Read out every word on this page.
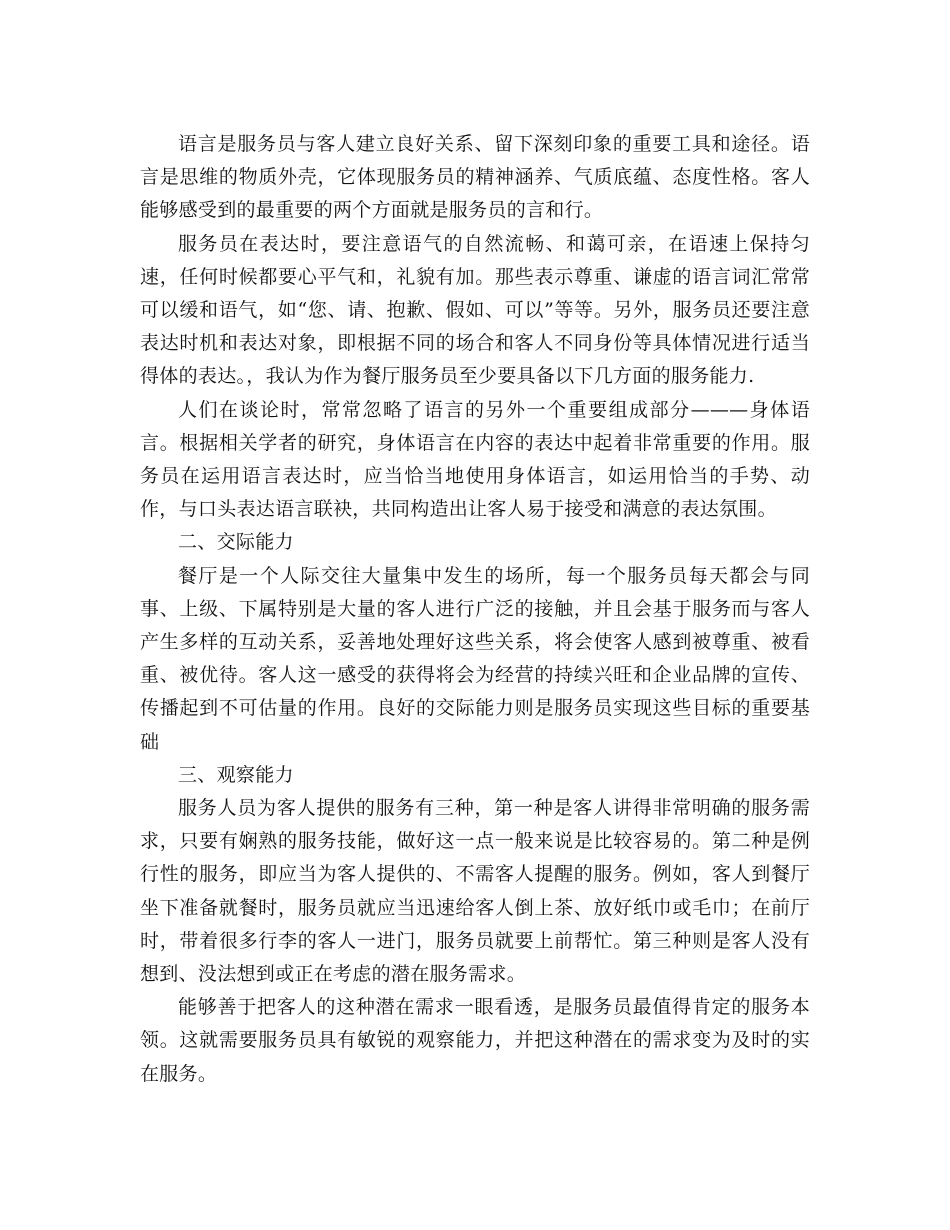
语言是服务员与客人建立良好关系、留下深刻印象的重要工具和途径。语言是思维的物质外壳，它体现服务员的精神涵养、气质底蕴、态度性格。客人能够感受到的最重要的两个方面就是服务员的言和行。

服务员在表达时，要注意语气的自然流畅、和蔼可亲，在语速上保持匀速，任何时候都要心平气和，礼貌有加。那些表示尊重、谦虚的语言词汇常常可以缓和语气，如“您、请、抱歉、假如、可以”等等。另外，服务员还要注意表达时机和表达对象，即根据不同的场合和客人不同身份等具体情况进行适当得体的表达。，我认为作为餐厅服务员至少要具备以下几方面的服务能力.

人们在谈论时，常常忽略了语言的另外一个重要组成部分———身体语言。根据相关学者的研究，身体语言在内容的表达中起着非常重要的作用。服务员在运用语言表达时，应当恰当地使用身体语言，如运用恰当的手势、动作，与口头表达语言联袂，共同构造出让客人易于接受和满意的表达氛围。

二、交际能力

餐厅是一个人际交往大量集中发生的场所，每一个服务员每天都会与同事、上级、下属特别是大量的客人进行广泛的接触，并且会基于服务而与客人产生多样的互动关系，妥善地处理好这些关系，将会使客人感到被尊重、被看重、被优待。客人这一感受的获得将会为经营的持续兴旺和企业品牌的宣传、传播起到不可估量的作用。良好的交际能力则是服务员实现这些目标的重要基础

三、观察能力

服务人员为客人提供的服务有三种，第一种是客人讲得非常明确的服务需求，只要有娴熟的服务技能，做好这一点一般来说是比较容易的。第二种是例行性的服务，即应当为客人提供的、不需客人提醒的服务。例如，客人到餐厅坐下准备就餐时，服务员就应当迅速给客人倒上茶、放好纸巾或毛巾；在前厅时，带着很多行李的客人一进门，服务员就要上前帮忙。第三种则是客人没有想到、没法想到或正在考虑的潜在服务需求。

能够善于把客人的这种潜在需求一眼看透，是服务员最值得肯定的服务本领。这就需要服务员具有敏锐的观察能力，并把这种潜在的需求变为及时的实在服务。
